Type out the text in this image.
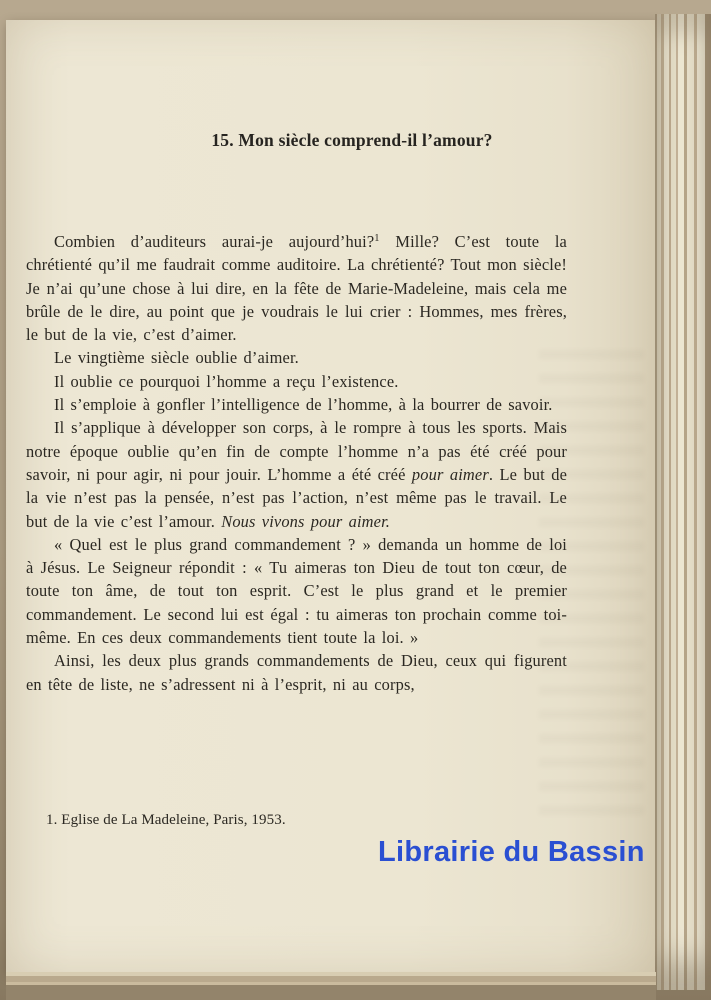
15. Mon siècle comprend-il l’amour?

Combien d’auditeurs aurai-je aujourd’hui?$^1$ Mille? C’est toute la chrétienté qu’il me faudrait comme auditoire. La chrétienté? Tout mon siècle! Je n’ai qu’une chose à lui dire, en la fête de Marie-Madeleine, mais cela me brûle de le dire, au point que je voudrais le lui crier : Hommes, mes frères, le but de la vie, c’est d’aimer.

Le vingtième siècle oublie d’aimer.

Il oublie ce pourquoi l’homme a reçu l’existence.

Il s’emploie à gonfler l’intelligence de l’homme, à la bourrer de savoir.

Il s’applique à développer son corps, à le rompre à tous les sports. Mais notre époque oublie qu’en fin de compte l’homme n’a pas été créé pour savoir, ni pour agir, ni pour jouir. L’homme a été créé pour aimer. Le but de la vie n’est pas la pensée, n’est pas l’action, n’est même pas le travail. Le but de la vie c’est l’amour. Nous vivons pour aimer.

« Quel est le plus grand commandement ? » demanda un homme de loi à Jésus. Le Seigneur répondit : « Tu aimeras ton Dieu de tout ton cœur, de toute ton âme, de tout ton esprit. C’est le plus grand et le premier commandement. Le second lui est égal : tu aimeras ton prochain comme toi-même. En ces deux commandements tient toute la loi. »

Ainsi, les deux plus grands commandements de Dieu, ceux qui figurent en tête de liste, ne s’adressent ni à l’esprit, ni au corps,

1. Eglise de La Madeleine, Paris, 1953.
Librairie du Bassin
